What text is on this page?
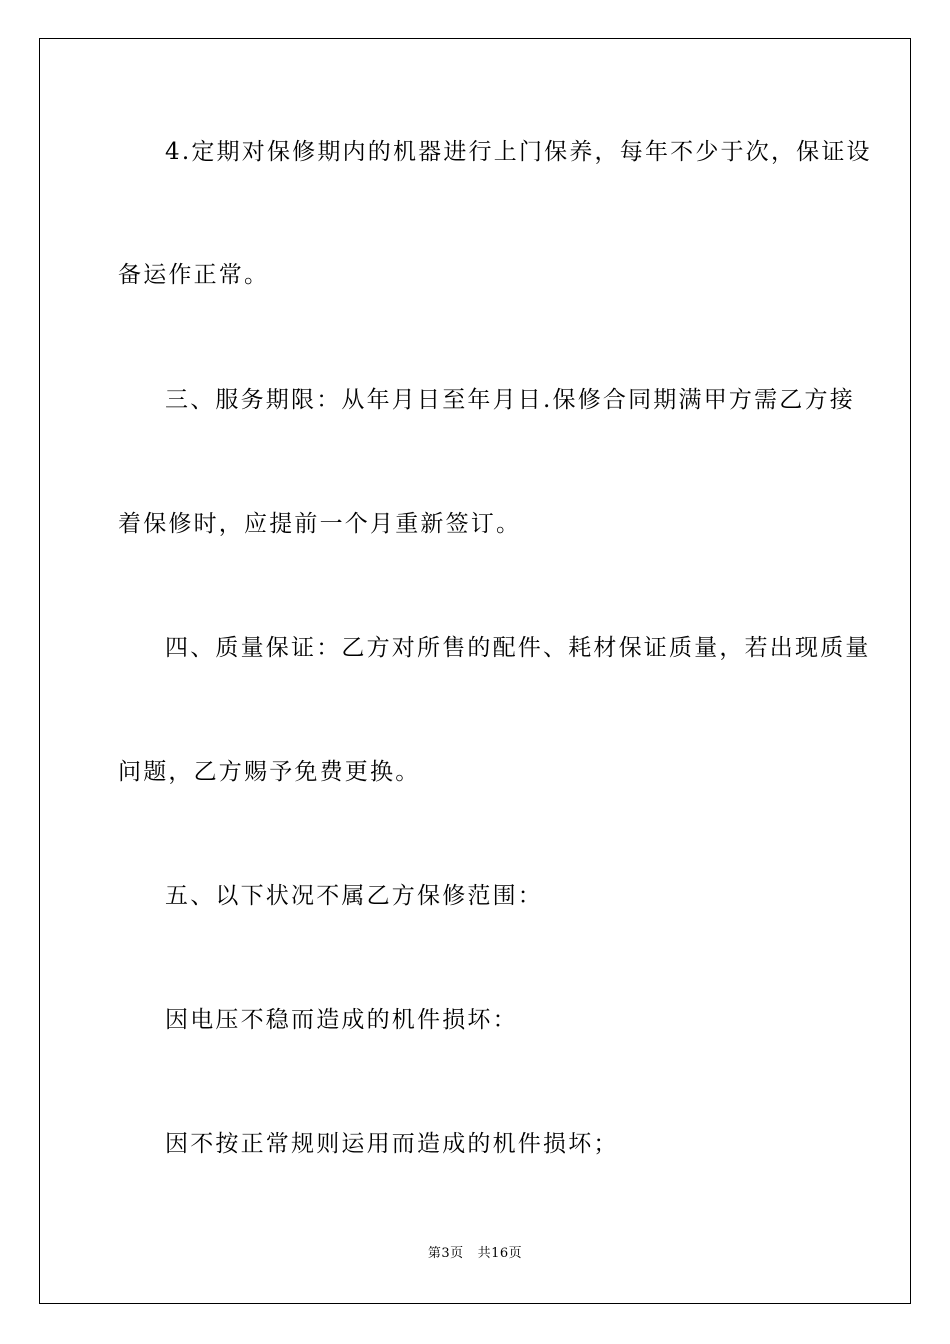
4.定期对保修期内的机器进行上门保养，每年不少于次，保证设
备运作正常。
三、服务期限：从年月日至年月日.保修合同期满甲方需乙方接
着保修时，应提前一个月重新签订。
四、质量保证：乙方对所售的配件、耗材保证质量，若出现质量
问题，乙方赐予免费更换。
五、以下状况不属乙方保修范围：
因电压不稳而造成的机件损坏：
因不按正常规则运用而造成的机件损坏；
第3页 共16页
